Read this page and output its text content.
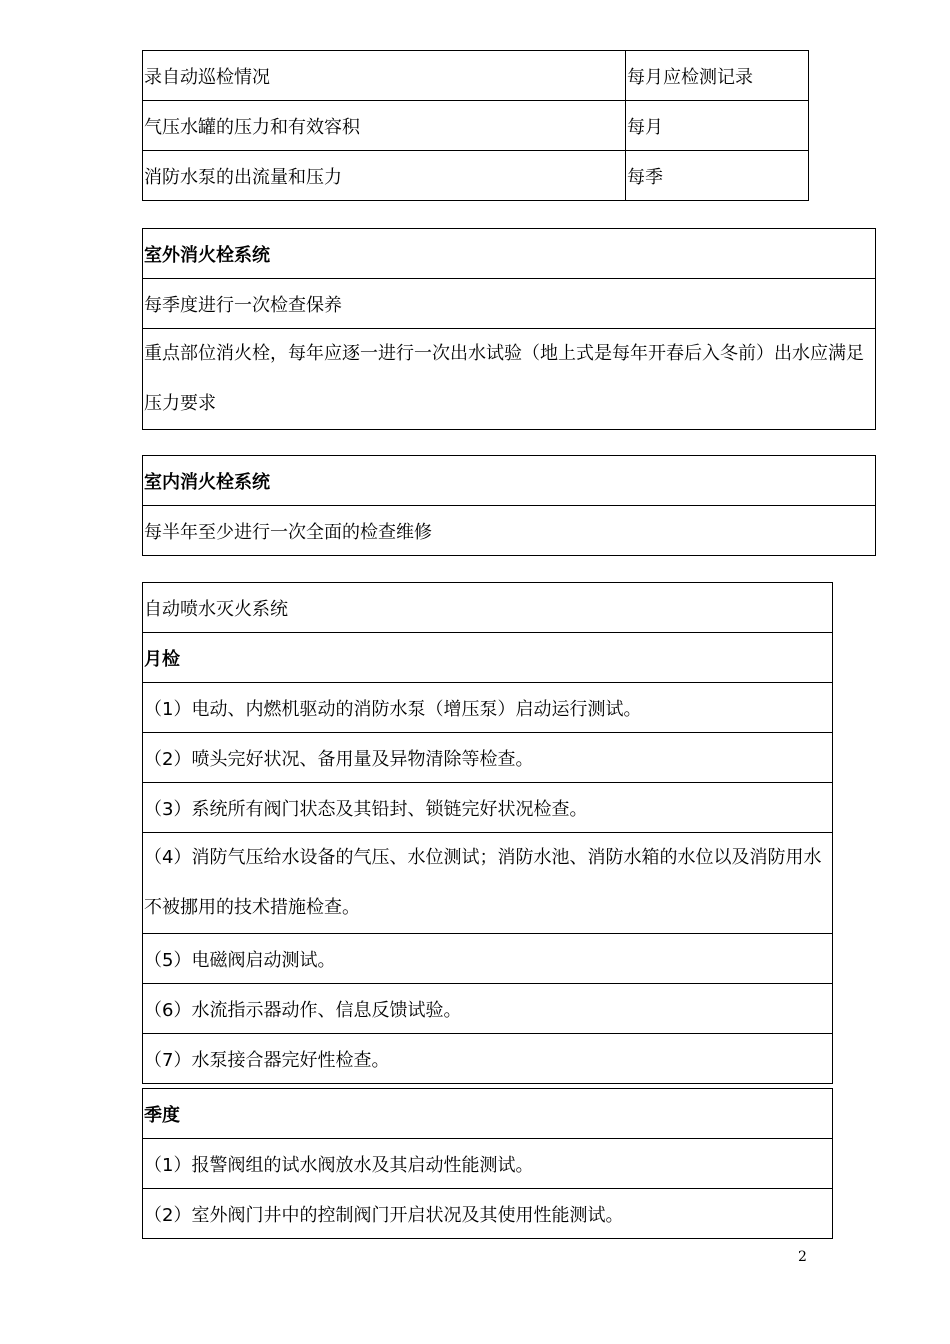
录自动巡检情况	每月应检测记录
气压水罐的压力和有效容积	每月
消防水泵的出流量和压力	每季
室外消火栓系统
每季度进行一次检查保养
重点部位消火栓，每年应逐一进行一次出水试验（地上式是每年开春后入冬前）出水应满足压力要求
室内消火栓系统
每半年至少进行一次全面的检查维修
自动喷水灭火系统
月检
（1）电动、内燃机驱动的消防水泵（增压泵）启动运行测试。
（2）喷头完好状况、备用量及异物清除等检查。
（3）系统所有阀门状态及其铅封、锁链完好状况检查。
（4）消防气压给水设备的气压、水位测试；消防水池、消防水箱的水位以及消防用水不被挪用的技术措施检查。
（5）电磁阀启动测试。
（6）水流指示器动作、信息反馈试验。
（7）水泵接合器完好性检查。
季度
（1）报警阀组的试水阀放水及其启动性能测试。
（2）室外阀门井中的控制阀门开启状况及其使用性能测试。
2
